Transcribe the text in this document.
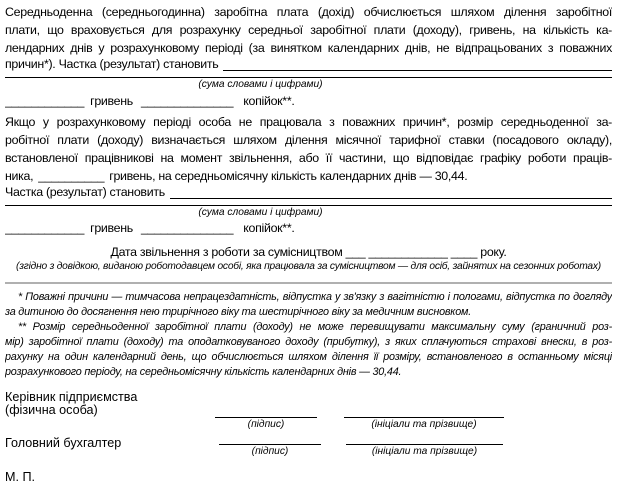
Середньоденна (середньогодинна) заробітна плата (дохід) обчислюється шляхом ділення заробітної
плати, що враховується для розрахунку середньої заробітної плати (доходу), гривень, на кількість ка-
лендарних днів у розрахунковому періоді (за винятком календарних днів, не відпрацьованих з поважних
причин*). Частка (результат) становить
(сума словами і цифрами)
____________ гривень ______________ копійок**.
Якщо у розрахунковому періоді особа не працювала з поважних причин*, розмір середньоденної за-
робітної плати (доходу) визначається шляхом ділення місячної тарифної ставки (посадового окладу),
встановленої працівникові на момент звільнення, або її частини, що відповідає графіку роботи праців-
ника, __________ гривень, на середньомісячну кількість календарних днів — 30,44.
Частка (результат) становить
(сума словами і цифрами)
____________ гривень ______________ копійок**.
Дата звільнення з роботи за сумісництвом ___ ____________ ____ року.
(згідно з довідкою, виданою роботодавцем особі, яка працювала за сумісництвом — для осіб, зайнятих на сезонних роботах)
* Поважні причини — тимчасова непрацездатність, відпустка у зв'язку з вагітністю і пологами, відпустка по догляду
за дитиною до досягнення нею трирічного віку та шестирічного віку за медичним висновком.
** Розмір середньоденної заробітної плати (доходу) не може перевищувати максимальну суму (граничний роз-
мір) заробітної плати (доходу) та оподатковуваного доходу (прибутку), з яких сплачуються страхові внески, в роз-
рахунку на один календарний день, що обчислюється шляхом ділення її розміру, встановленого в останньому місяці
розрахункового періоду, на середньомісячну кількість календарних днів — 30,44.
Керівник підприємства
(фізична особа)
(підпис)	(ініціали та прізвище)
Головний бухгалтер
(підпис)	(ініціали та прізвище)
М. П.
